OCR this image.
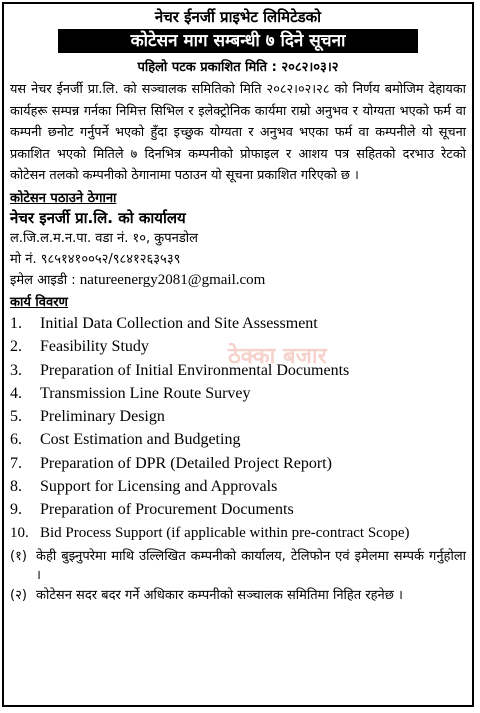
नेचर ईनर्जी प्राइभेट लिमिटेडको

कोटेसन माग सम्बन्धी ७ दिने सूचना
पहिलो पटक प्रकाशित मिति : २०८२।०३।२

यस नेचर ईनर्जी प्रा.लि. को सञ्चालक समितिको मिति २०८२।०२।२८ को निर्णय बमोजिम देहायका कार्यहरू सम्पन्न गर्नका निमित्त सिभिल र इलेक्ट्रोनिक कार्यमा राम्रो अनुभव र योग्यता भएको फर्म वा कम्पनी छनोट गर्नुपर्ने भएको हुँदा इच्छुक योग्यता र अनुभव भएका फर्म वा कम्पनीले यो सूचना प्रकाशित भएको मितिले ७ दिनभित्र कम्पनीको प्रोफाइल र आशय पत्र सहितको दरभाउ रेटको कोटेसन तलको कम्पनीको ठेगानामा पठाउन यो सूचना प्रकाशित गरिएको छ ।

कोटेसन पठाउने ठेगाना

नेचर इनर्जी प्रा.लि. को कार्यालय

ल.जि.ल.म.न.पा. वडा नं. १०, कुपनडोल

मो नं. ९८५१४१००५२/९८४१२६३५३९

इमेल आइडी : natureenergy2081@gmail.com

कार्य विवरण
1.	Initial Data Collection and Site Assessment
2.	Feasibility Study
3.	Preparation of Initial Environmental Documents
4.	Transmission Line Route Survey
5.	Preliminary Design
6.	Cost Estimation and Budgeting
7.	Preparation of DPR (Detailed Project Report)
8.	Support for Licensing and Approvals
9.	Preparation of Procurement Documents
10. Bid Process Support (if applicable within pre-contract Scope)
(१) केही बुझ्नुपरेमा माथि उल्लिखित कम्पनीको कार्यालय, टेलिफोन एवं इमेलमा सम्पर्क गर्नुहोला ।
(२) कोटेसन सदर बदर गर्ने अधिकार कम्पनीको सञ्चालक समितिमा निहित रहनेछ ।
ठेक्का बजार
